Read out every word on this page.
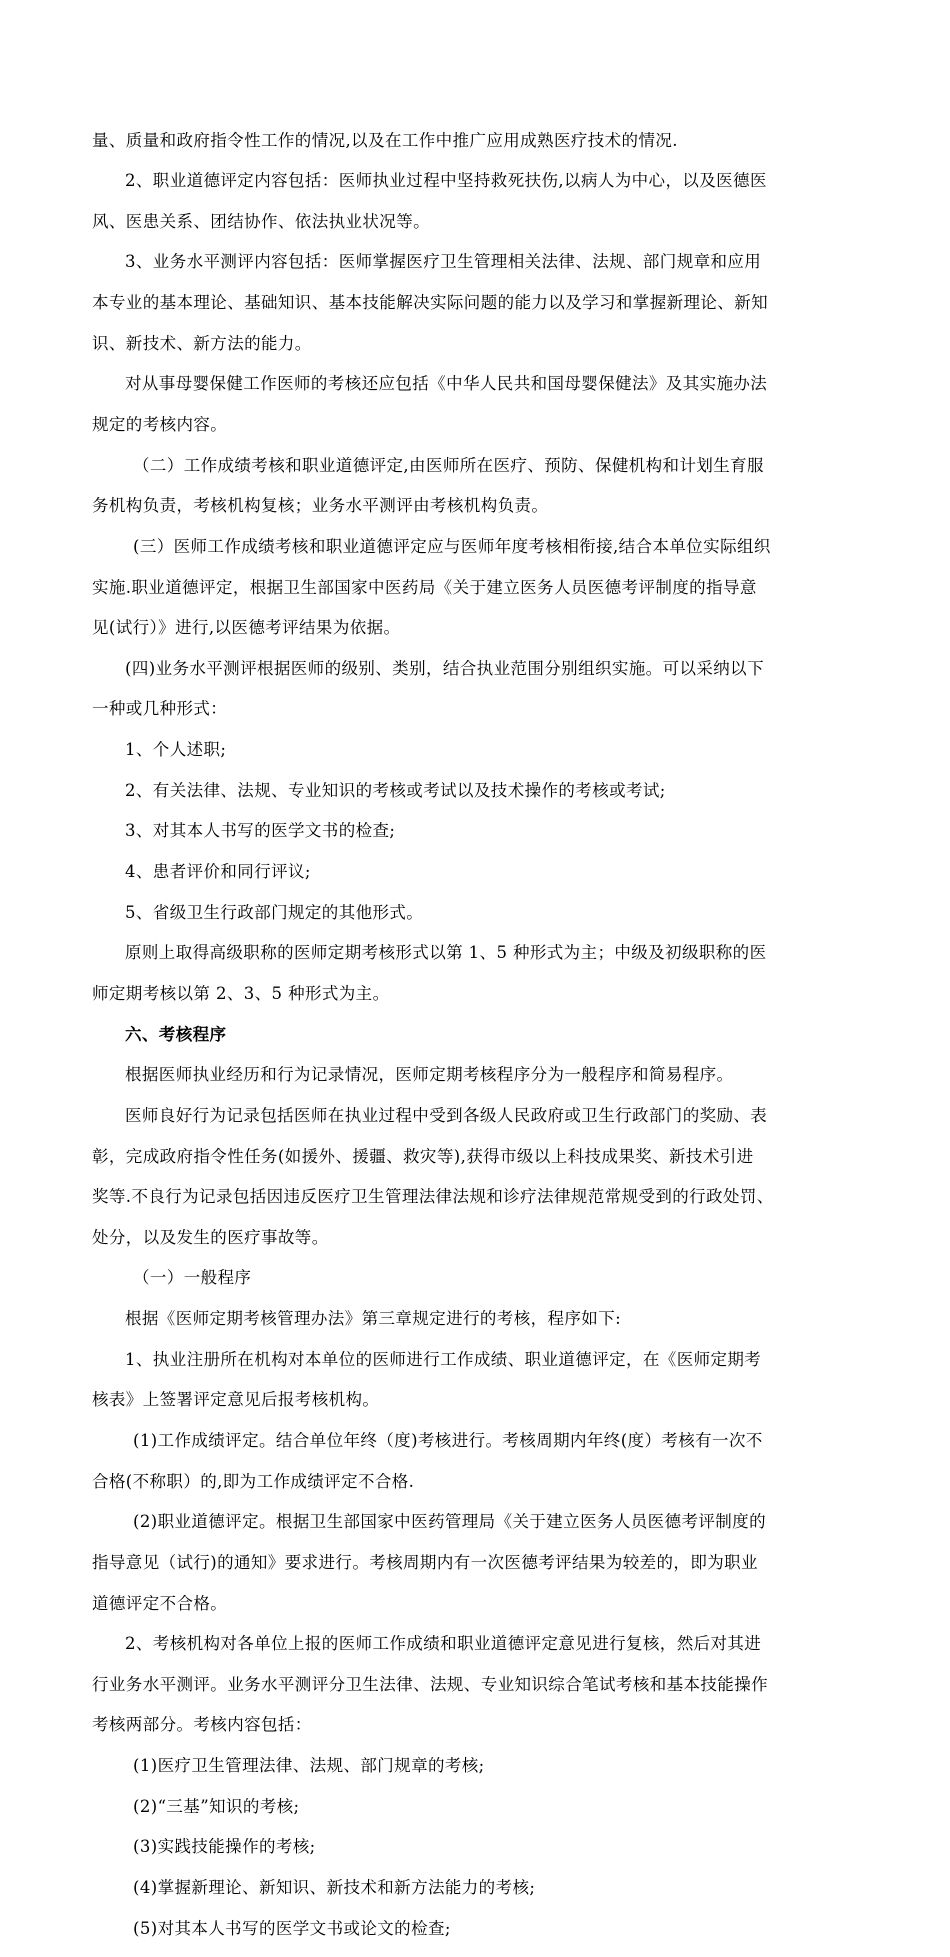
量、质量和政府指令性工作的情况,以及在工作中推广应用成熟医疗技术的情况.

2、职业道德评定内容包括：医师执业过程中坚持救死扶伤,以病人为中心，以及医德医

风、医患关系、团结协作、依法执业状况等。

3、业务水平测评内容包括：医师掌握医疗卫生管理相关法律、法规、部门规章和应用

本专业的基本理论、基础知识、基本技能解决实际问题的能力以及学习和掌握新理论、新知

识、新技术、新方法的能力。

对从事母婴保健工作医师的考核还应包括《中华人民共和国母婴保健法》及其实施办法

规定的考核内容。

（二）工作成绩考核和职业道德评定,由医师所在医疗、预防、保健机构和计划生育服

务机构负责，考核机构复核；业务水平测评由考核机构负责。

(三）医师工作成绩考核和职业道德评定应与医师年度考核相衔接,结合本单位实际组织

实施.职业道德评定，根据卫生部国家中医药局《关于建立医务人员医德考评制度的指导意

见(试行）》进行,以医德考评结果为依据。

(四)业务水平测评根据医师的级别、类别，结合执业范围分别组织实施。可以采纳以下

一种或几种形式：

1、个人述职;

2、有关法律、法规、专业知识的考核或考试以及技术操作的考核或考试;

3、对其本人书写的医学文书的检查;

4、患者评价和同行评议;

5、省级卫生行政部门规定的其他形式。

原则上取得高级职称的医师定期考核形式以第 1、5 种形式为主；中级及初级职称的医

师定期考核以第 2、3、5 种形式为主。

六、考核程序

根据医师执业经历和行为记录情况，医师定期考核程序分为一般程序和简易程序。

医师良好行为记录包括医师在执业过程中受到各级人民政府或卫生行政部门的奖励、表

彰，完成政府指令性任务(如援外、援疆、救灾等),获得市级以上科技成果奖、新技术引进

奖等.不良行为记录包括因违反医疗卫生管理法律法规和诊疗法律规范常规受到的行政处罚、

处分，以及发生的医疗事故等。

（一）一般程序

根据《医师定期考核管理办法》第三章规定进行的考核，程序如下:

1、执业注册所在机构对本单位的医师进行工作成绩、职业道德评定，在《医师定期考

核表》上签署评定意见后报考核机构。

(1)工作成绩评定。结合单位年终（度)考核进行。考核周期内年终(度）考核有一次不

合格(不称职）的,即为工作成绩评定不合格.

(2)职业道德评定。根据卫生部国家中医药管理局《关于建立医务人员医德考评制度的

指导意见（试行)的通知》要求进行。考核周期内有一次医德考评结果为较差的，即为职业

道德评定不合格。

2、考核机构对各单位上报的医师工作成绩和职业道德评定意见进行复核，然后对其进

行业务水平测评。业务水平测评分卫生法律、法规、专业知识综合笔试考核和基本技能操作

考核两部分。考核内容包括：

(1)医疗卫生管理法律、法规、部门规章的考核;

(2)“三基”知识的考核;

(3)实践技能操作的考核;

(4)掌握新理论、新知识、新技术和新方法能力的考核;

(5)对其本人书写的医学文书或论文的检查;
